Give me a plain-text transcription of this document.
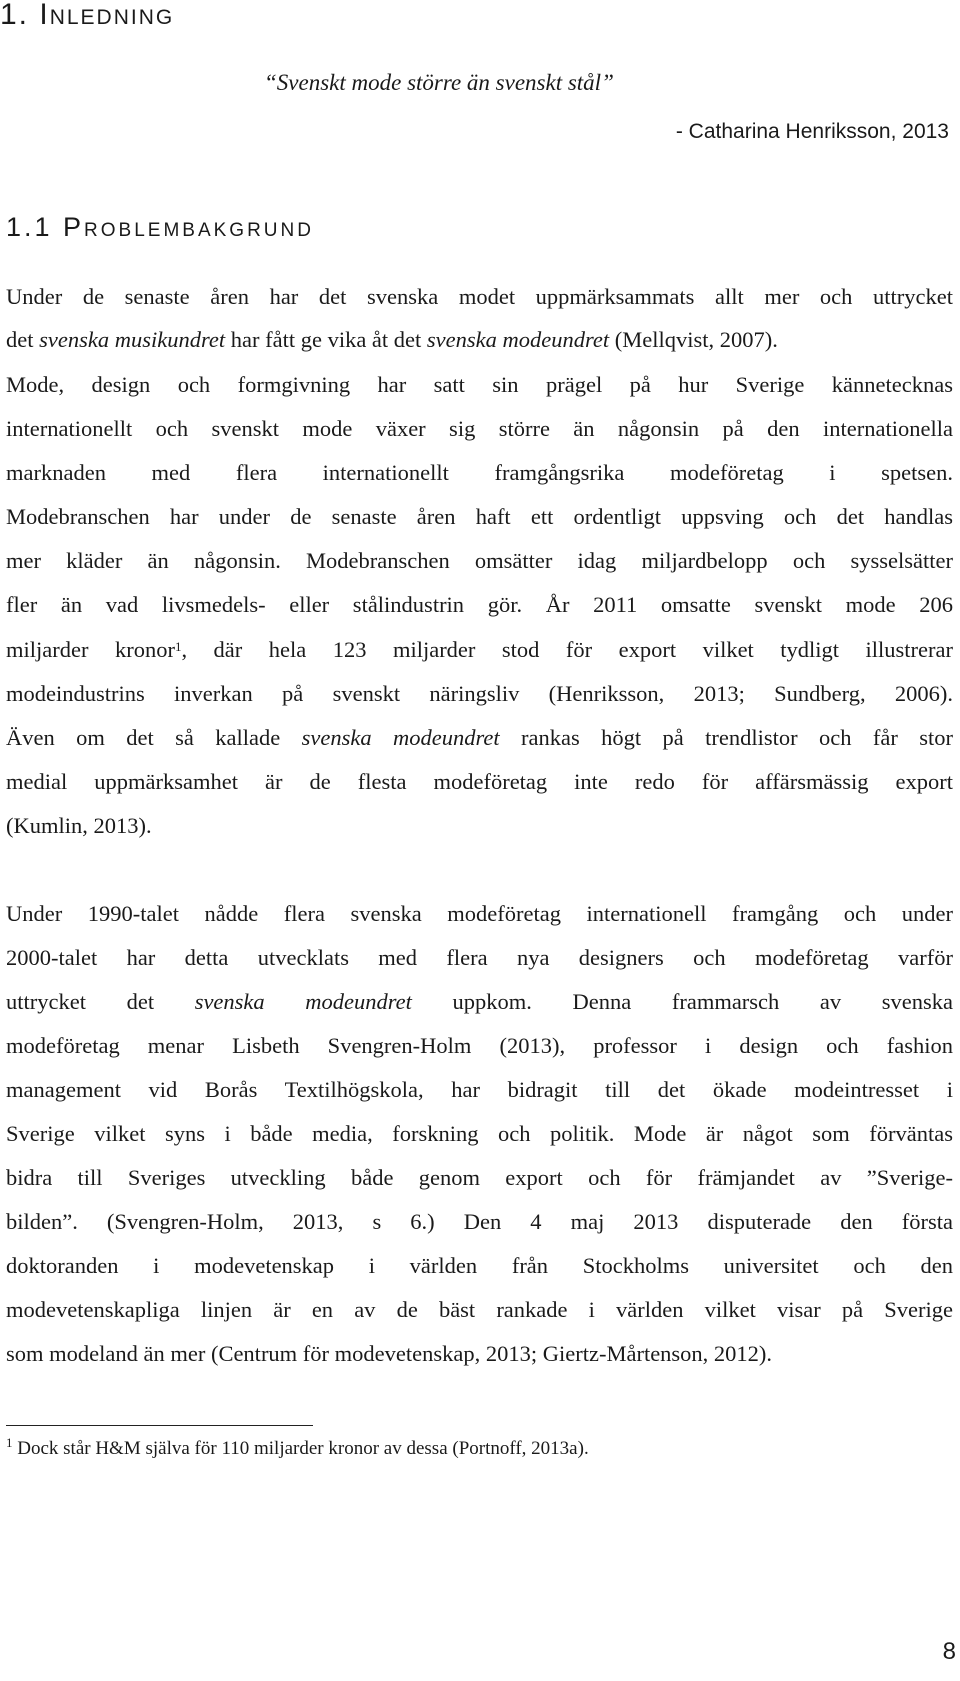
1. Inledning
“Svenskt mode större än svenskt stål”
- Catharina Henriksson, 2013
1.1 Problembakgrund
Under de senaste åren har det svenska modet uppmärksammats allt mer och uttrycket
det svenska musikundret har fått ge vika åt det svenska modeundret (Mellqvist, 2007).
Mode, design och formgivning har satt sin prägel på hur Sverige kännetecknas
internationellt och svenskt mode växer sig större än någonsin på den internationella
marknaden med flera internationellt framgångsrika modeföretag i spetsen.
Modebranschen har under de senaste åren haft ett ordentligt uppsving och det handlas
mer kläder än någonsin. Modebranschen omsätter idag miljardbelopp och sysselsätter
fler än vad livsmedels- eller stålindustrin gör. År 2011 omsatte svenskt mode 206
miljarder kronor$^1$, där hela 123 miljarder stod för export vilket tydligt illustrerar
modeindustrins inverkan på svenskt näringsliv (Henriksson, 2013; Sundberg, 2006).
Även om det så kallade svenska modeundret rankas högt på trendlistor och får stor
medial uppmärksamhet är de flesta modeföretag inte redo för affärsmässig export
(Kumlin, 2013).
Under 1990-talet nådde flera svenska modeföretag internationell framgång och under
2000-talet har detta utvecklats med flera nya designers och modeföretag varför
uttrycket det svenska modeundret uppkom. Denna frammarsch av svenska
modeföretag menar Lisbeth Svengren-Holm (2013), professor i design och fashion
management vid Borås Textilhögskola, har bidragit till det ökade modeintresset i
Sverige vilket syns i både media, forskning och politik. Mode är något som förväntas
bidra till Sveriges utveckling både genom export och för främjandet av ”Sverige-
bilden”. (Svengren-Holm, 2013, s 6.) Den 4 maj 2013 disputerade den första
doktoranden i modevetenskap i världen från Stockholms universitet och den
modevetenskapliga linjen är en av de bäst rankade i världen vilket visar på Sverige
som modeland än mer (Centrum för modevetenskap, 2013; Giertz-Mårtenson, 2012).
$^1$ Dock står H&M själva för 110 miljarder kronor av dessa (Portnoff, 2013a).
8
